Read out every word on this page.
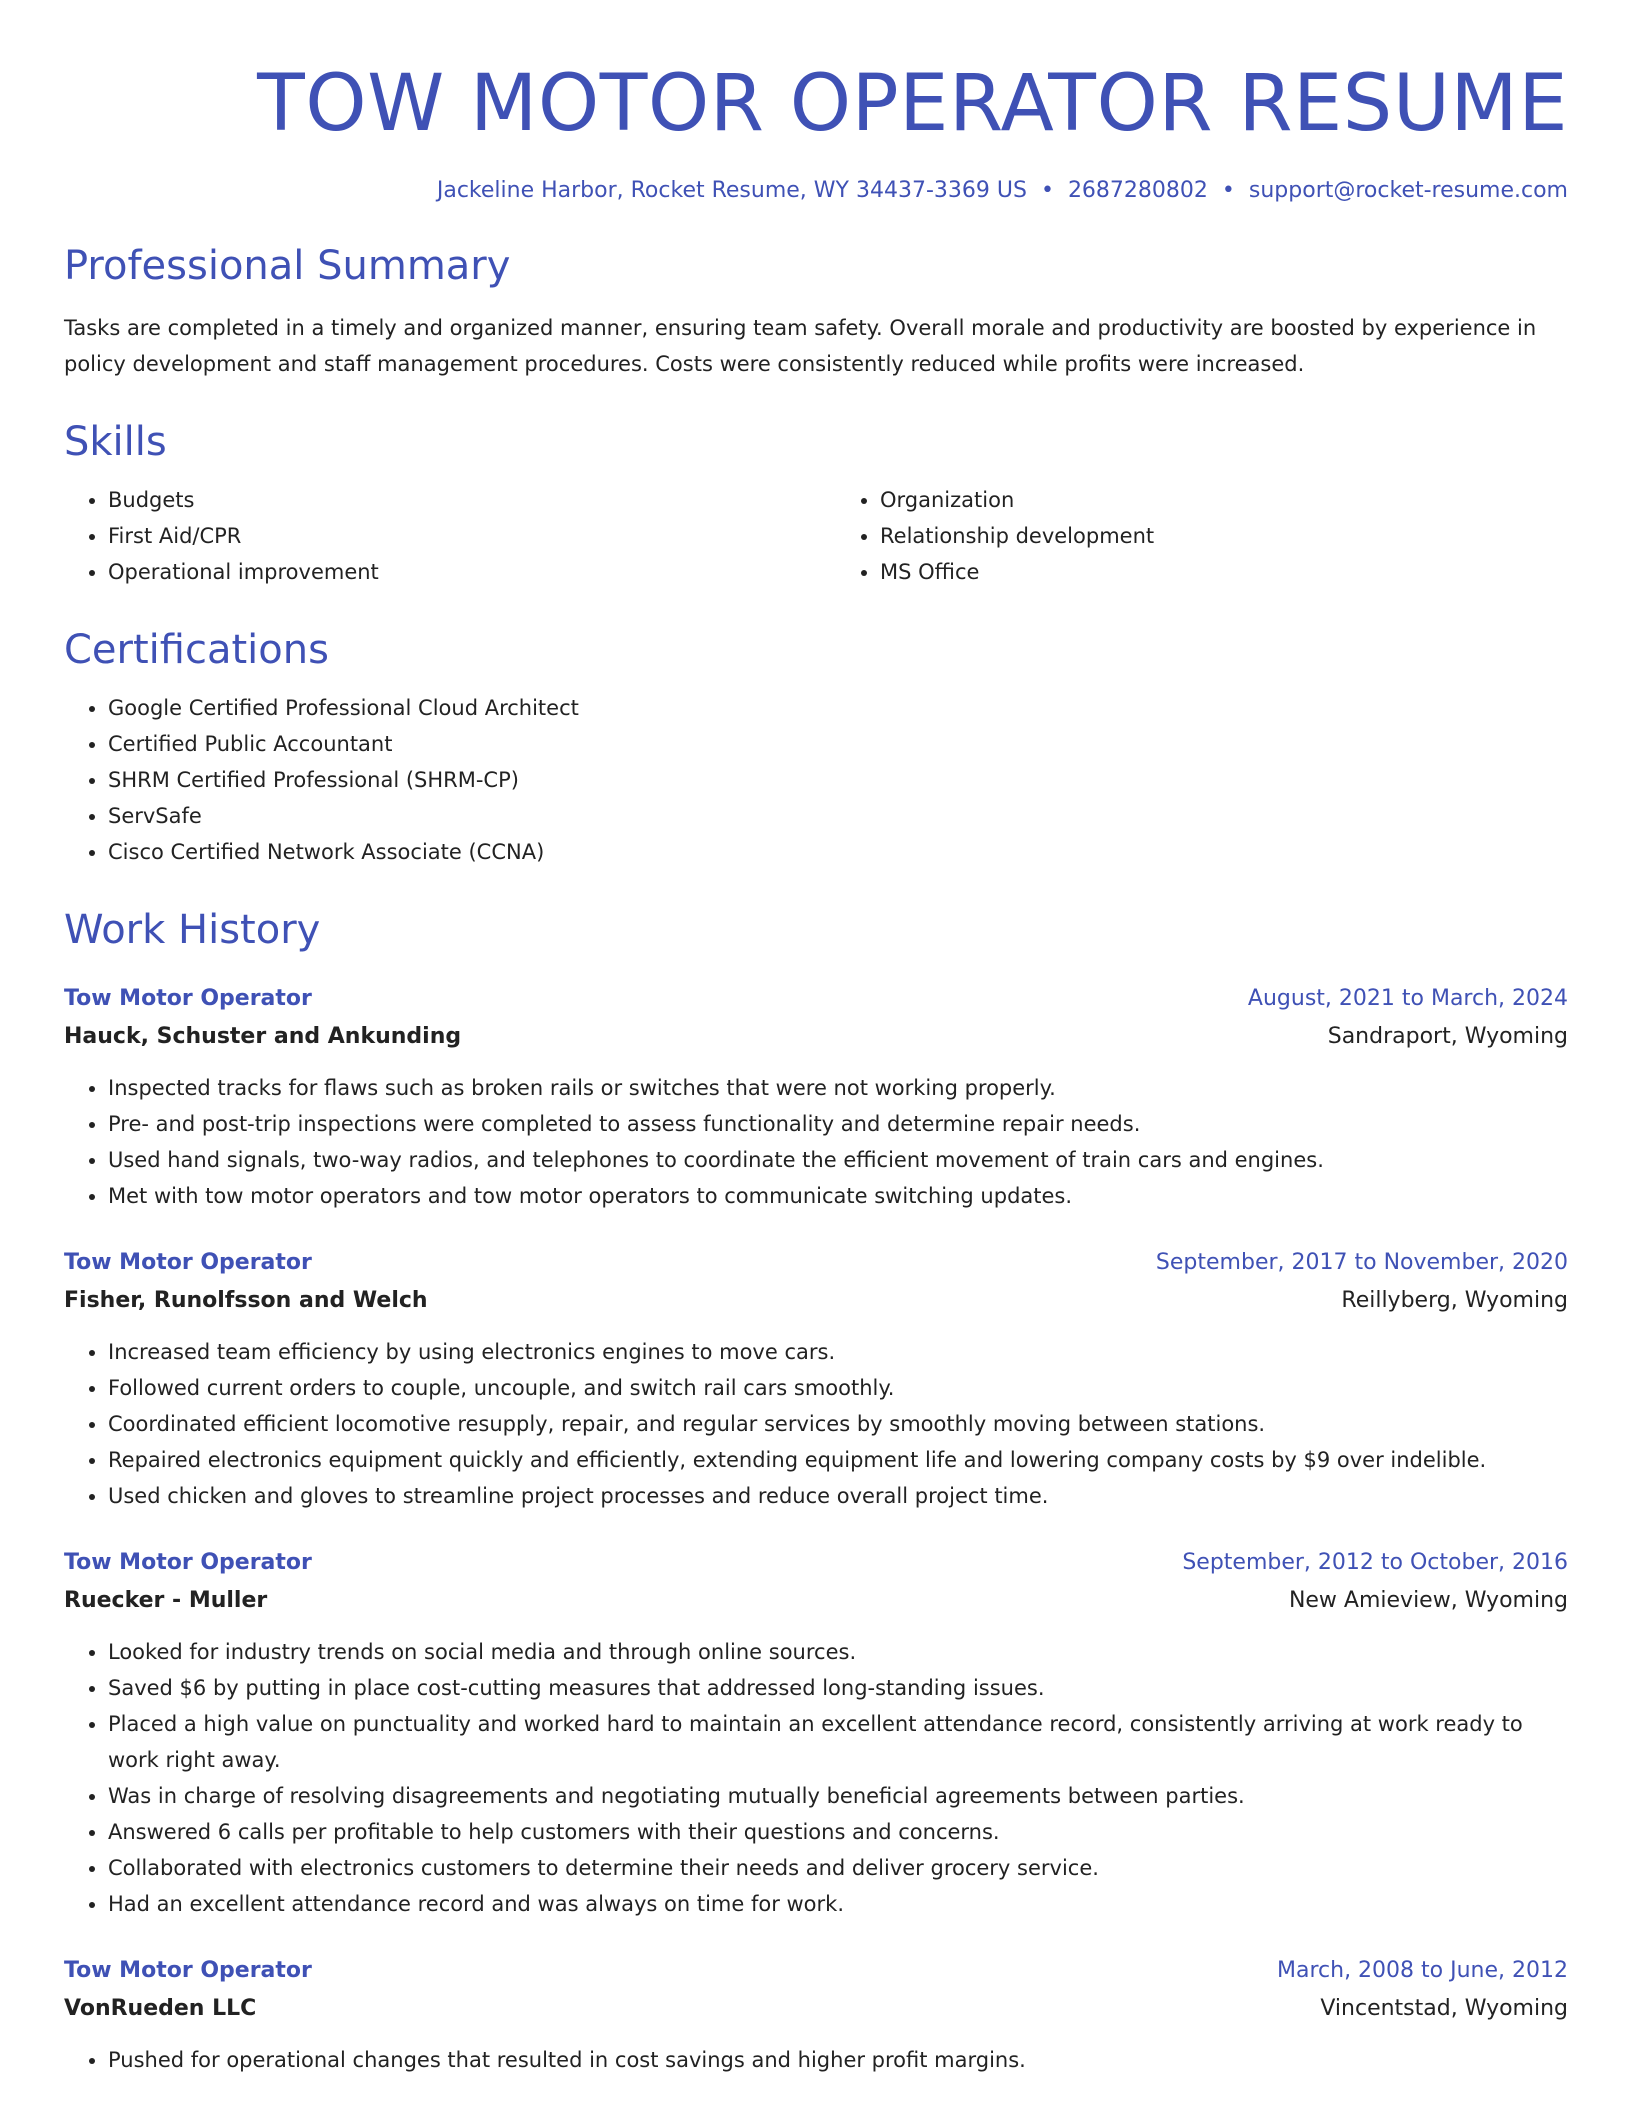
TOW MOTOR OPERATOR RESUME
Jackeline Harbor, Rocket Resume, WY 34437-3369 US • 2687280802 • support@rocket-resume.com
Professional Summary

Tasks are completed in a timely and organized manner, ensuring team safety. Overall morale and productivity are boosted by experience in policy development and staff management procedures. Costs were consistently reduced while profits were increased.

Skills
• Budgets
• First Aid/CPR
• Operational improvement
• Organization
• Relationship development
• MS Office
Certifications
• Google Certified Professional Cloud Architect
• Certified Public Accountant
• SHRM Certified Professional (SHRM-CP)
• ServSafe
• Cisco Certified Network Associate (CCNA)
Work History
Tow Motor Operator	August, 2021 to March, 2024
Hauck, Schuster and Ankunding	Sandraport, Wyoming
• Inspected tracks for flaws such as broken rails or switches that were not working properly.
• Pre- and post-trip inspections were completed to assess functionality and determine repair needs.
• Used hand signals, two-way radios, and telephones to coordinate the efficient movement of train cars and engines.
• Met with tow motor operators and tow motor operators to communicate switching updates.
Tow Motor Operator	September, 2017 to November, 2020
Fisher, Runolfsson and Welch	Reillyberg, Wyoming
• Increased team efficiency by using electronics engines to move cars.
• Followed current orders to couple, uncouple, and switch rail cars smoothly.
• Coordinated efficient locomotive resupply, repair, and regular services by smoothly moving between stations.
• Repaired electronics equipment quickly and efficiently, extending equipment life and lowering company costs by $9 over indelible.
• Used chicken and gloves to streamline project processes and reduce overall project time.
Tow Motor Operator	September, 2012 to October, 2016
Ruecker - Muller	New Amieview, Wyoming
• Looked for industry trends on social media and through online sources.
• Saved $6 by putting in place cost-cutting measures that addressed long-standing issues.
• Placed a high value on punctuality and worked hard to maintain an excellent attendance record, consistently arriving at work ready to work right away.
• Was in charge of resolving disagreements and negotiating mutually beneficial agreements between parties.
• Answered 6 calls per profitable to help customers with their questions and concerns.
• Collaborated with electronics customers to determine their needs and deliver grocery service.
• Had an excellent attendance record and was always on time for work.
Tow Motor Operator	March, 2008 to June, 2012
VonRueden LLC	Vincentstad, Wyoming
• Pushed for operational changes that resulted in cost savings and higher profit margins.
